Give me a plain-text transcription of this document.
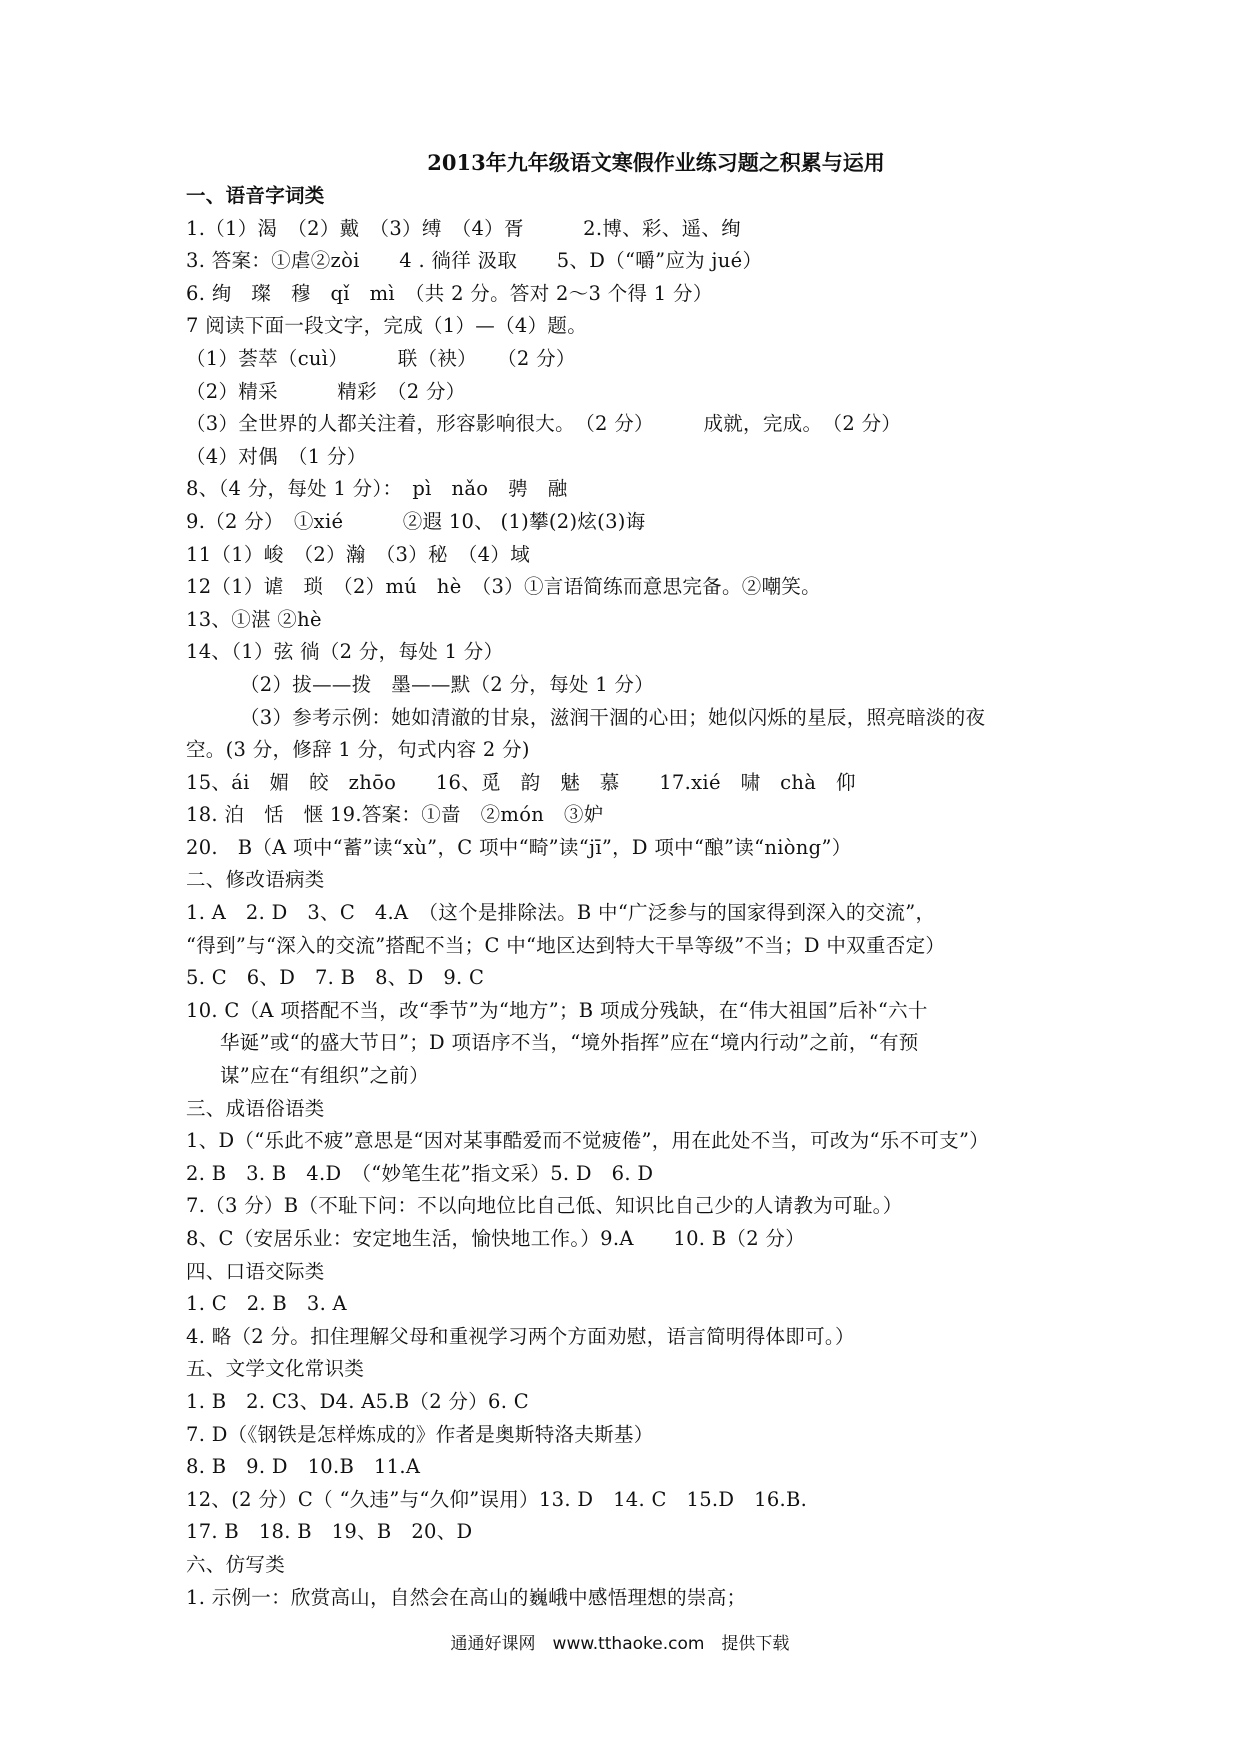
2013年九年级语文寒假作业练习题之积累与运用
一、语音字词类
1.（1）渴　（2）戴　（3）缚　（4）胥　　　2.博、彩、遥、绚
3. 答案：①虐②zòi　　4 . 徜徉 汲取　　5、D（“嚼”应为 jué）
6. 绚　璨　穆　qǐ　mì　（共 2 分。答对 2～3 个得 1 分）
7 阅读下面一段文字，完成（1）—（4）题。
（1）荟萃（cuì）　　　联（袂）　　（2 分）
（2）精采　　　精彩　（2 分）
（3）全世界的人都关注着，形容影响很大。　（2 分）　　　成就，完成。　（2 分）
（4）对偶　（1 分）
8、（4 分，每处 1 分）：　pì　nǎo　骋　融
9.（2 分）　①xié　　　②遐 10、 (1)攀(2)炫(3)诲
11（1）峻　（2）瀚　（3）秘　（4）域
12（1）谑　琐　（2）mú　hè　（3）①言语简练而意思完备。②嘲笑。
13、①湛 ②hè
14、（1）弦 徜（2 分，每处 1 分）
（2）拔——拨　墨——默（2 分，每处 1 分）
（3）参考示例：她如清澈的甘泉，滋润干涸的心田；她似闪烁的星辰，照亮暗淡的夜
空。(3 分，修辞 1 分，句式内容 2 分)
15、ái　媚　皎　zhōo　　16、觅　韵　魅　慕　　17.xié　啸　chà　仰
18. 泊　恬　惬 19.答案：①啬　②món　③妒
20.　B（A 项中“蓄”读“xù”，C 项中“畸”读“jī”，D 项中“酿”读“niòng”）
二、修改语病类
1. A　2. D　3、C　4.A　（这个是排除法。B 中“广泛参与的国家得到深入的交流”，
“得到”与“深入的交流”搭配不当；C 中“地区达到特大干旱等级”不当；D 中双重否定）
5. C　6、D　7. B　8、D　9. C
10. C（A 项搭配不当，改“季节”为“地方”；B 项成分残缺，在“伟大祖国”后补“六十
华诞”或“的盛大节日”；D 项语序不当，“境外指挥”应在“境内行动”之前，“有预
谋”应在“有组织”之前）
三、成语俗语类
1、D（“乐此不疲”意思是“因对某事酷爱而不觉疲倦”，用在此处不当，可改为“乐不可支”）
2. B　3. B　4.D　（“妙笔生花”指文采）5. D　6. D
7.（3 分）B（不耻下问：不以向地位比自己低、知识比自己少的人请教为可耻。）
8、C（安居乐业：安定地生活，愉快地工作。）9.A　　10. B（2 分）
四、口语交际类
1. C　2. B　3. A
4. 略（2 分。扣住理解父母和重视学习两个方面劝慰，语言简明得体即可。）
五、文学文化常识类
1. B　2. C3、D4. A5.B（2 分）6. C
7. D（《钢铁是怎样炼成的》作者是奥斯特洛夫斯基）
8. B　9. D　10.B　11.A
12、(2 分）C（ “久违”与“久仰”误用）13. D　14. C　15.D　16.B.
17. B　18. B　19、B　20、D
六、仿写类
1. 示例一：欣赏高山，自然会在高山的巍峨中感悟理想的崇高；
通通好课网　www.tthaoke.com　提供下载
